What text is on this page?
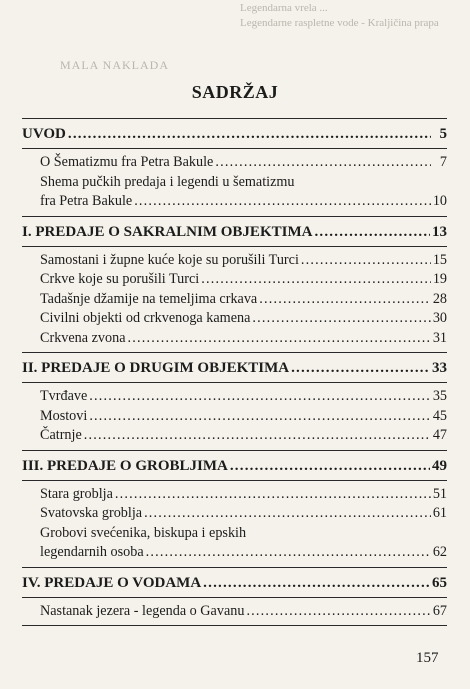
Legendarna vrela ...
Legendarne raspletne vode - Kraljičina prapa
MALA NAKLADA
SADRŽAJ
UVOD .....	5
O Šematizmu fra Petra Bakule .....	7
Shema pučkih predaja i legendi u šematizmu
fra Petra Bakule .....	10
I. PREDAJE O SAKRALNIM OBJEKTIMA .....	13
Samostani i župne kuće koje su porušili Turci .....	15
Crkve koje su porušili Turci .....	19
Tadašnje džamije na temeljima crkava .....	28
Civilni objekti od crkvenoga kamena .....	30
Crkvena zvona .....	31
II. PREDAJE O DRUGIM OBJEKTIMA .....	33
Tvrđave .....	35
Mostovi .....	45
Čatrnje .....	47
III. PREDAJE O GROBLJIMA .....	49
Stara groblja .....	51
Svatovska groblja .....	61
Grobovi svećenika, biskupa i epskih
legendarnih osoba .....	62
IV. PREDAJE O VODAMA .....	65
Nastanak jezera - legenda o Gavanu .....	67
157
